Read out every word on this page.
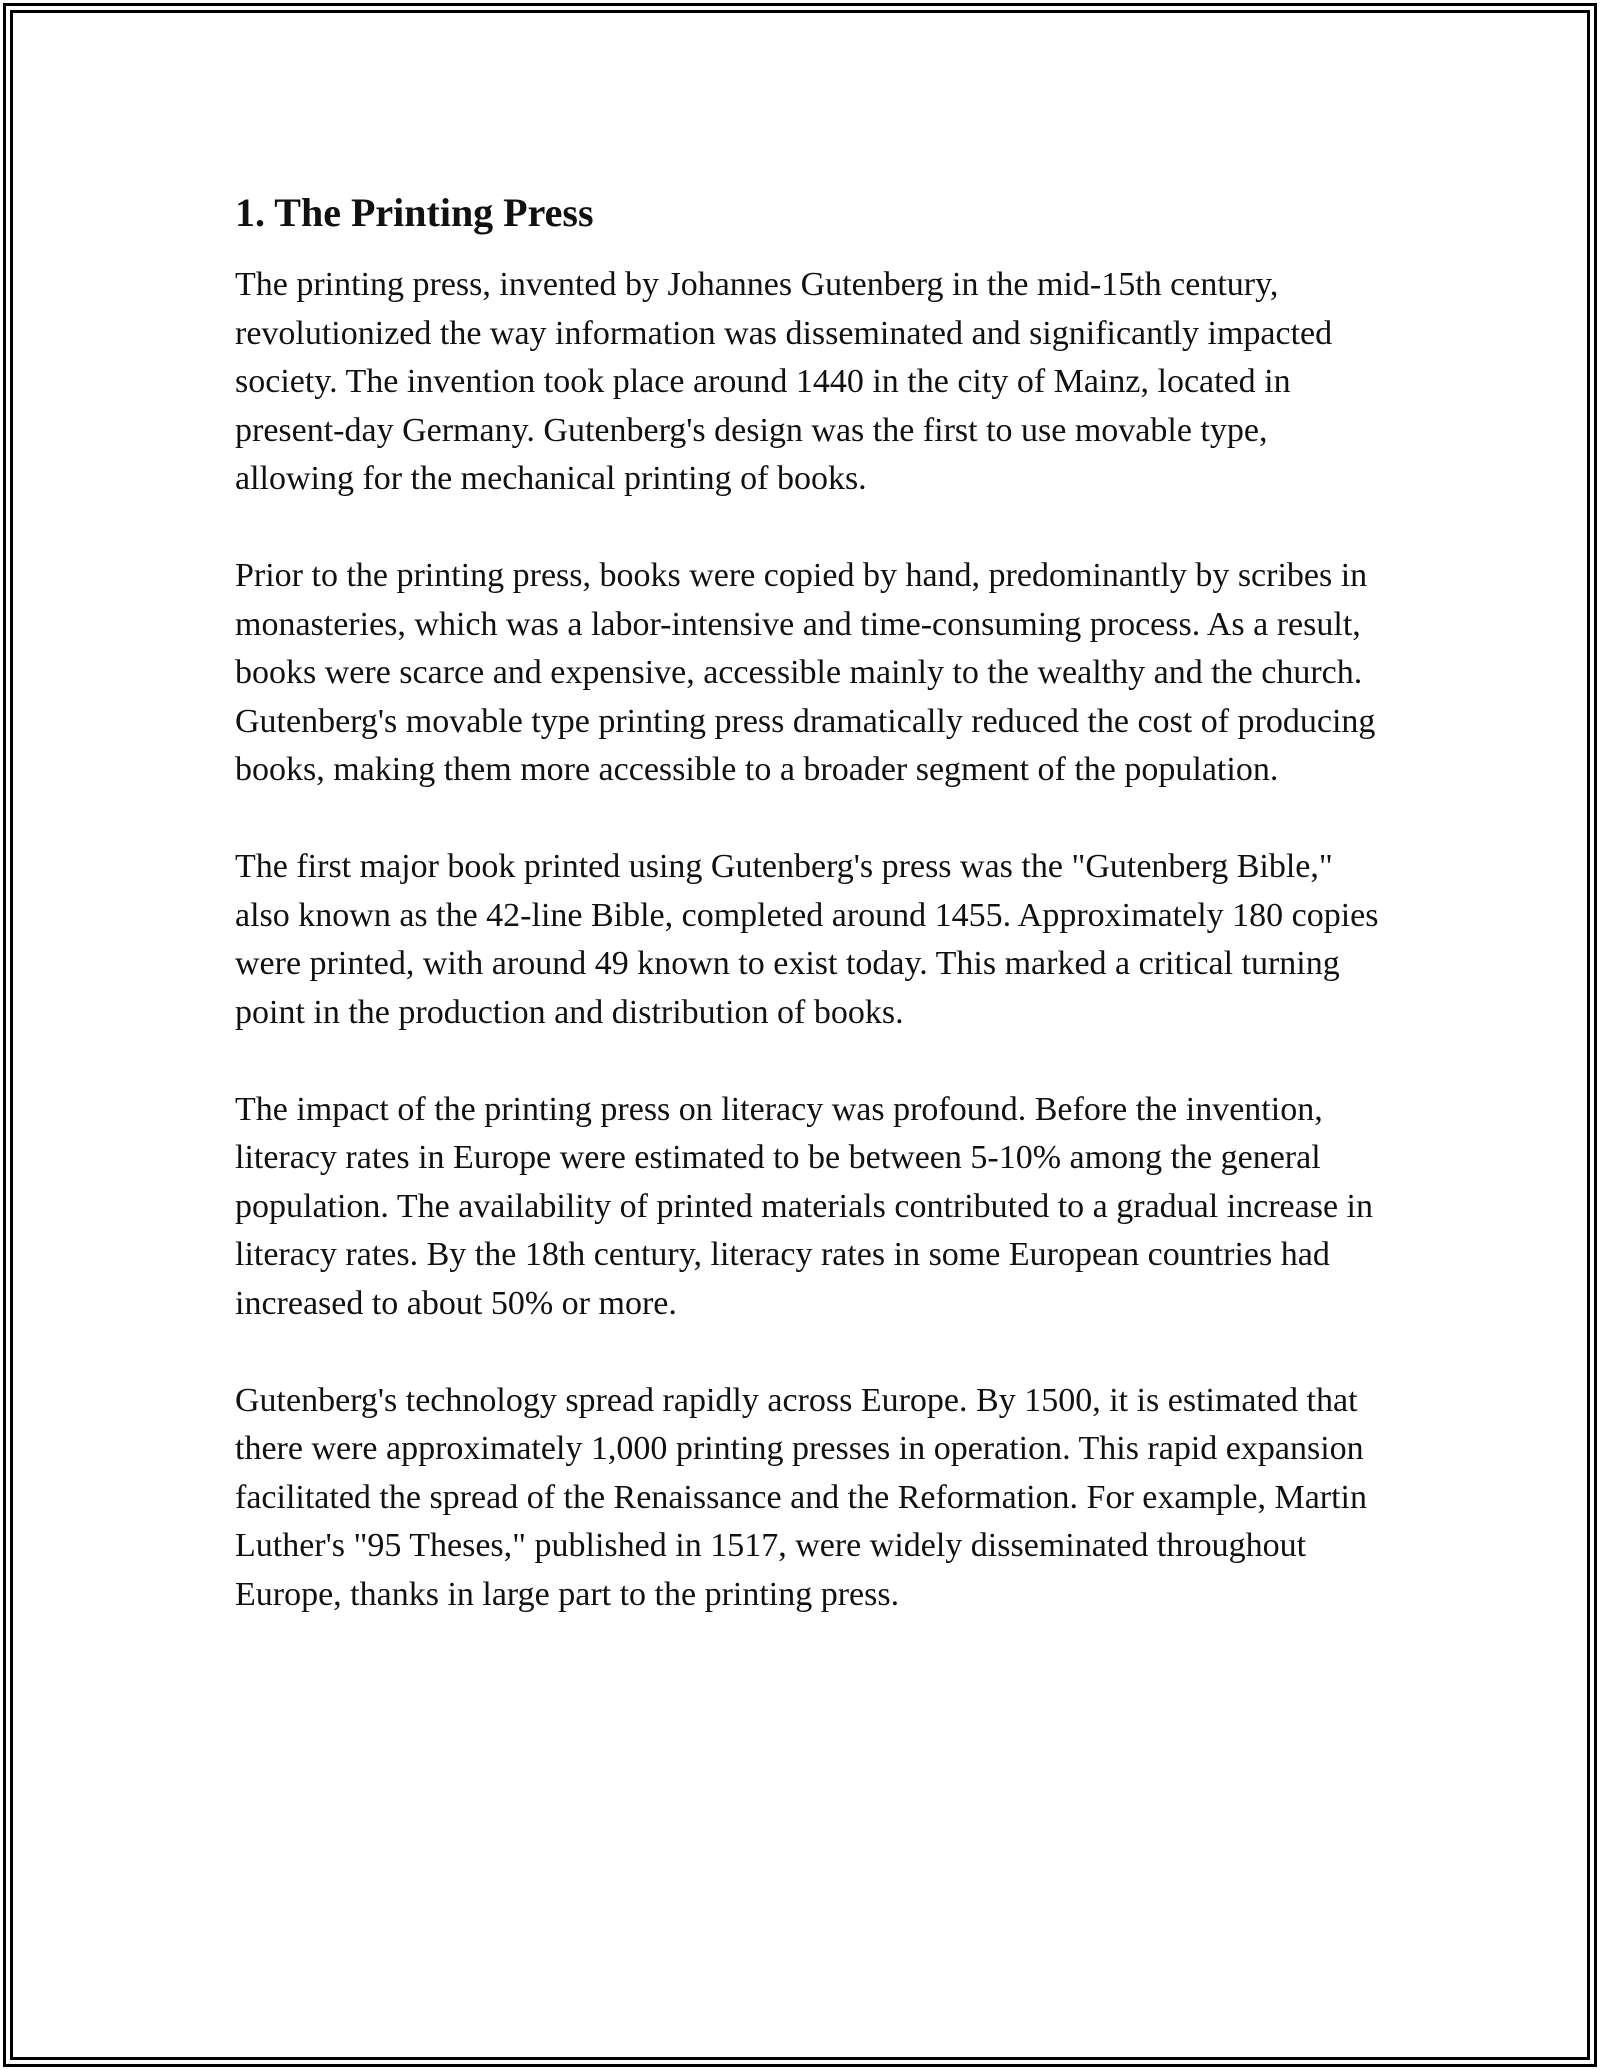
1. The Printing Press

The printing press, invented by Johannes Gutenberg in the mid-15th century, revolutionized the way information was disseminated and significantly impacted society. The invention took place around 1440 in the city of Mainz, located in present-day Germany. Gutenberg's design was the first to use movable type, allowing for the mechanical printing of books.

Prior to the printing press, books were copied by hand, predominantly by scribes in monasteries, which was a labor-intensive and time-consuming process. As a result, books were scarce and expensive, accessible mainly to the wealthy and the church. Gutenberg's movable type printing press dramatically reduced the cost of producing books, making them more accessible to a broader segment of the population.

The first major book printed using Gutenberg's press was the "Gutenberg Bible," also known as the 42-line Bible, completed around 1455. Approximately 180 copies were printed, with around 49 known to exist today. This marked a critical turning point in the production and distribution of books.

The impact of the printing press on literacy was profound. Before the invention, literacy rates in Europe were estimated to be between 5-10% among the general population. The availability of printed materials contributed to a gradual increase in literacy rates. By the 18th century, literacy rates in some European countries had increased to about 50% or more.

Gutenberg's technology spread rapidly across Europe. By 1500, it is estimated that there were approximately 1,000 printing presses in operation. This rapid expansion facilitated the spread of the Renaissance and the Reformation. For example, Martin Luther's "95 Theses," published in 1517, were widely disseminated throughout Europe, thanks in large part to the printing press.
